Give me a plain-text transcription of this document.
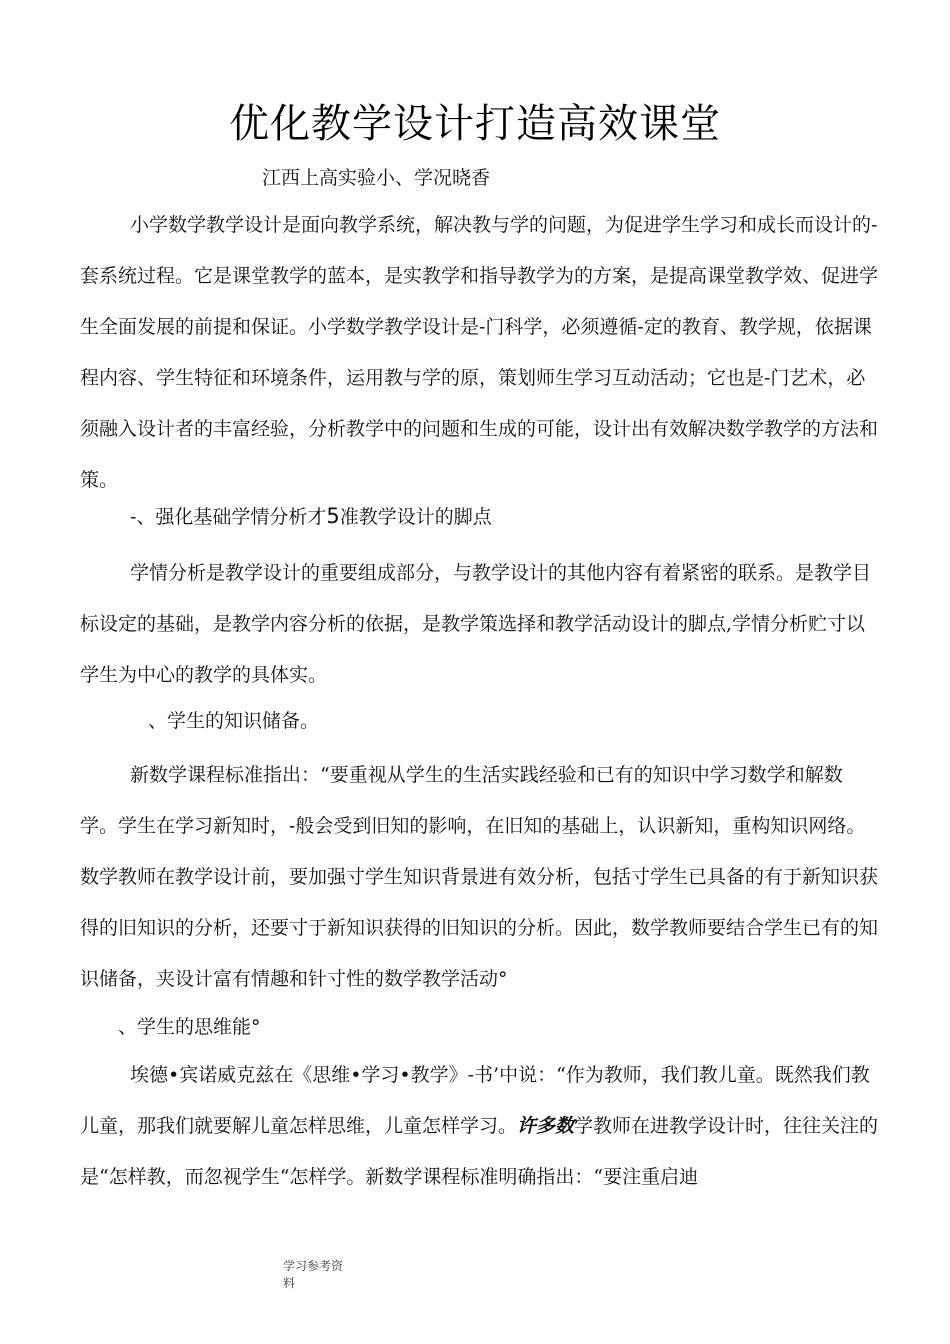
优化教学设计打造高效课堂
江西上高实验小、学况晓香

小学数学教学设计是面向教学系统，解决教与学的问题，为促进学生学习和成长而设计的-套系统过程。它是课堂教学的蓝本，是实教学和指导教学为的方案，是提高课堂教学效、促进学生全面发展的前提和保证。小学数学教学设计是-门科学，必须遵循-定的教育、教学规，依据课程内容、学生特征和环境条件，运用教与学的原，策划师生学习互动活动；它也是-门艺术，必须融入设计者的丰富经验，分析教学中的问题和生成的可能，设计出有效解决数学教学的方法和策。

-、强化基础学情分析才5准教学设计的脚点

学情分析是教学设计的重要组成部分，与教学设计的其他内容有着紧密的联系。是教学目标设定的基础，是教学内容分析的依据，是教学策选择和教学活动设计的脚点,学情分析贮寸以学生为中心的教学的具体实。

、学生的知识储备。

新数学课程标准指出：“要重视从学生的生活实践经验和已有的知识中学习数学和解数学。学生在学习新知时，-般会受到旧知的影响，在旧知的基础上，认识新知，重构知识网络。数学教师在教学设计前，要加强寸学生知识背景进有效分析，包括寸学生已具备的有于新知识获得的旧知识的分析，还要寸于新知识获得的旧知识的分析。因此，数学教师要结合学生已有的知识储备，夹设计富有情趣和针寸性的数学教学活动°

、学生的思维能°

埃德•宾诺威克兹在《思维•学习•教学》-书’中说：“作为教师，我们教儿童。既然我们教儿童，那我们就要解儿童怎样思维，儿童怎样学习。许多数学教师在进教学设计时，往往关注的是“怎样教，而忽视学生“怎样学。新数学课程标准明确指出：“要注重启迪

学习参考资
料
